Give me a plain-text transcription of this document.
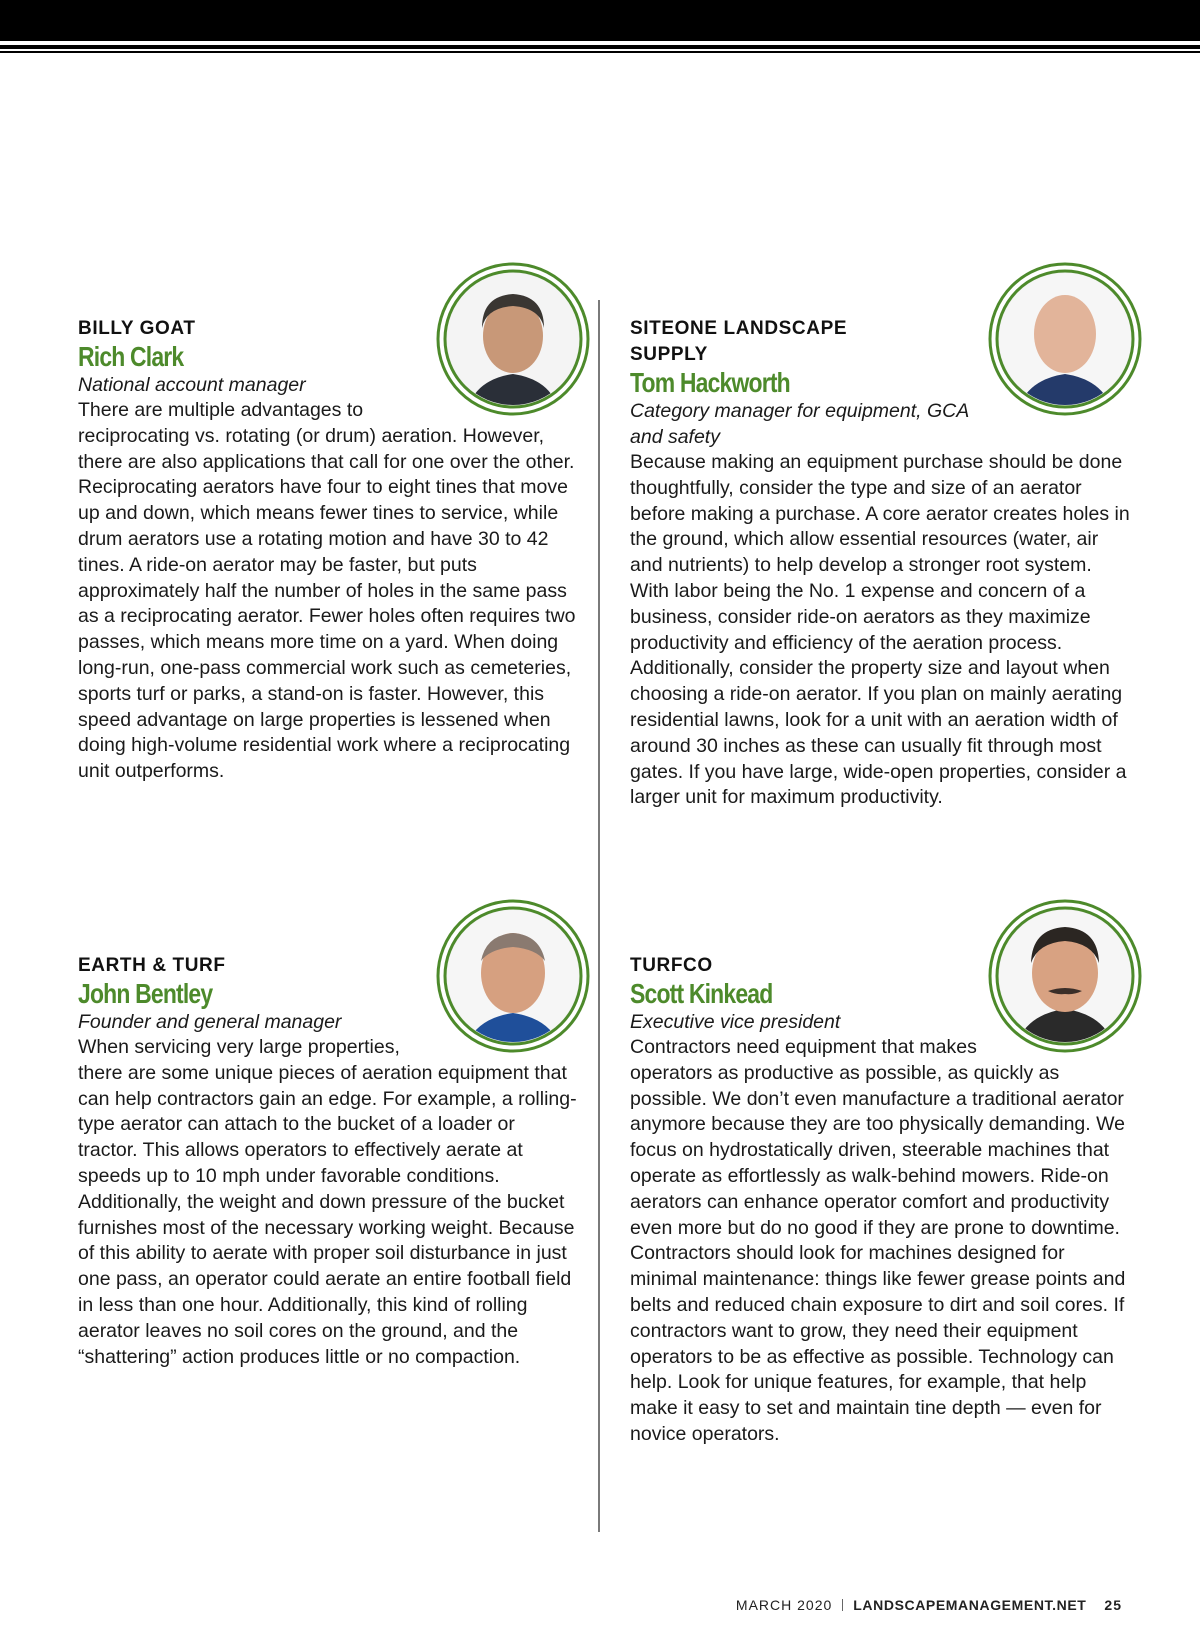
BILLY GOAT

Rich Clark

National account manager

There are multiple advantages to reciprocating vs. rotating (or drum) aeration. However, there are also applications that call for one over the other. Reciprocating aerators have four to eight tines that move up and down, which means fewer tines to service, while drum aerators use a rotating motion and have 30 to 42 tines. A ride-on aerator may be faster, but puts approximately half the number of holes in the same pass as a reciprocating aerator. Fewer holes often requires two passes, which means more time on a yard. When doing long-run, one-pass commercial work such as cemeteries, sports turf or parks, a stand-on is faster. However, this speed advantage on large properties is lessened when doing high-volume residential work where a reciprocating unit outperforms.

SITEONE LANDSCAPE SUPPLY

Tom Hackworth

Category manager for equipment, GCA and safety

Because making an equipment purchase should be done thoughtfully, consider the type and size of an aerator before making a purchase. A core aerator creates holes in the ground, which allow essential resources (water, air and nutrients) to help develop a stronger root system. With labor being the No. 1 expense and concern of a business, consider ride-on aerators as they maximize productivity and efficiency of the aeration process. Additionally, consider the property size and layout when choosing a ride-on aerator. If you plan on mainly aerating residential lawns, look for a unit with an aeration width of around 30 inches as these can usually fit through most gates. If you have large, wide-open properties, consider a larger unit for maximum productivity.

EARTH & TURF

John Bentley

Founder and general manager

When servicing very large properties, there are some unique pieces of aeration equipment that can help contractors gain an edge. For example, a rolling-type aerator can attach to the bucket of a loader or tractor. This allows operators to effectively aerate at speeds up to 10 mph under favorable conditions. Additionally, the weight and down pressure of the bucket furnishes most of the necessary working weight. Because of this ability to aerate with proper soil disturbance in just one pass, an operator could aerate an entire football field in less than one hour. Additionally, this kind of rolling aerator leaves no soil cores on the ground, and the “shattering” action produces little or no compaction.

TURFCO

Scott Kinkead

Executive vice president

Contractors need equipment that makes operators as productive as possible, as quickly as possible. We don’t even manufacture a traditional aerator anymore because they are too physically demanding. We focus on hydrostatically driven, steerable machines that operate as effortlessly as walk-behind mowers. Ride-on aerators can enhance operator comfort and productivity even more but do no good if they are prone to downtime. Contractors should look for machines designed for minimal maintenance: things like fewer grease points and belts and reduced chain exposure to dirt and soil cores. If contractors want to grow, they need their equipment operators to be as effective as possible. Technology can help. Look for unique features, for example, that help make it easy to set and maintain tine depth — even for novice operators.

MARCH 2020 LANDSCAPEMANAGEMENT.NET 25
